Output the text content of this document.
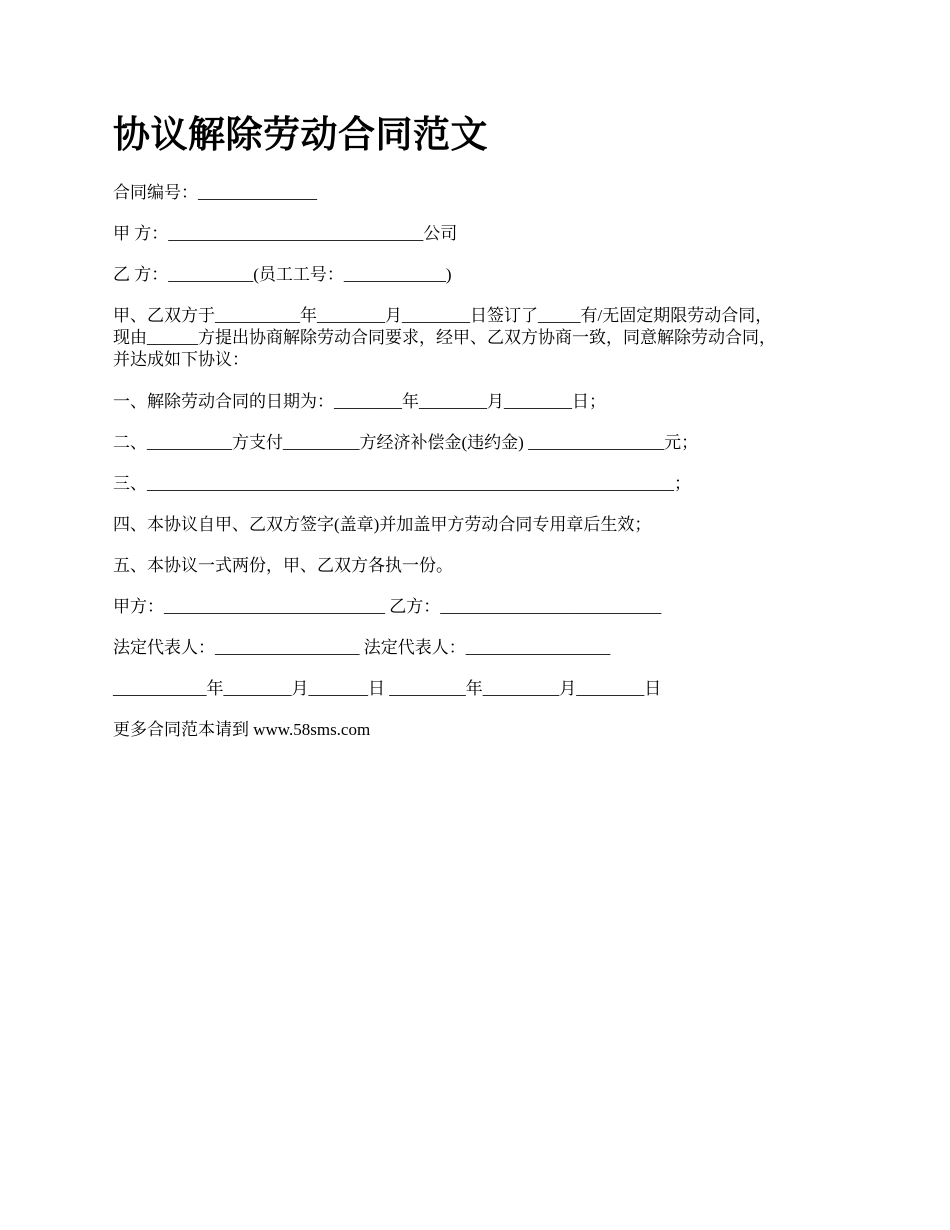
协议解除劳动合同范文

合同编号：______________

甲 方：______________________________公司

乙 方：__________(员工工号：____________)

甲、乙双方于__________年________月________日签订了_____有/无固定期限劳动合同，
现由______方提出协商解除劳动合同要求，经甲、乙双方协商一致，同意解除劳动合同，
并达成如下协议：

一、解除劳动合同的日期为：________年________月________日；

二、__________方支付_________方经济补偿金(违约金) ________________元；

三、______________________________________________________________；

四、本协议自甲、乙双方签字(盖章)并加盖甲方劳动合同专用章后生效；

五、本协议一式两份，甲、乙双方各执一份。

甲方：__________________________ 乙方：__________________________

法定代表人：_________________ 法定代表人：_________________

___________年________月_______日 _________年_________月________日

更多合同范本请到 www.58sms.com
